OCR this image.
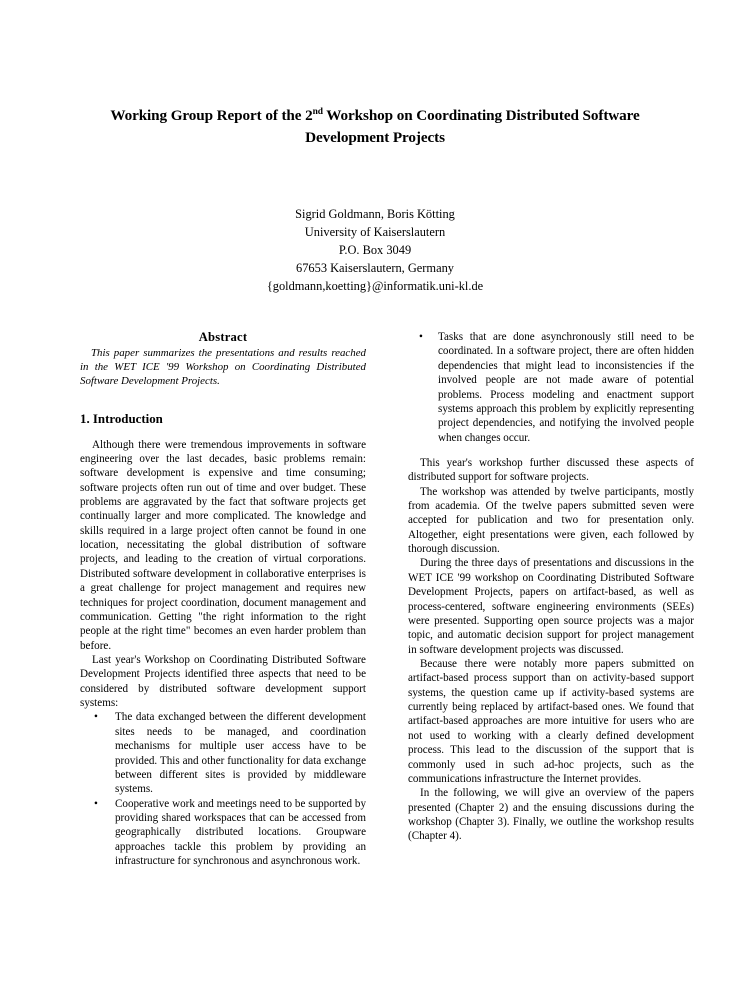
Working Group Report of the 2nd Workshop on Coordinating Distributed Software Development Projects
Sigrid Goldmann, Boris Kötting
University of Kaiserslautern
P.O. Box 3049
67653 Kaiserslautern, Germany
{goldmann,koetting}@informatik.uni-kl.de
Abstract

This paper summarizes the presentations and results reached in the WET ICE '99 Workshop on Coordinating Distributed Software Development Projects.

1. Introduction

Although there were tremendous improvements in software engineering over the last decades, basic problems remain: software development is expensive and time consuming; software projects often run out of time and over budget. These problems are aggravated by the fact that software projects get continually larger and more complicated. The knowledge and skills required in a large project often cannot be found in one location, necessitating the global distribution of software projects, and leading to the creation of virtual corporations. Distributed software development in collaborative enterprises is a great challenge for project management and requires new techniques for project coordination, document management and communication. Getting "the right information to the right people at the right time" becomes an even harder problem than before.

Last year's Workshop on Coordinating Distributed Software Development Projects identified three aspects that need to be considered by distributed software development support systems:

• The data exchanged between the different development sites needs to be managed, and coordination mechanisms for multiple user access have to be provided. This and other functionality for data exchange between different sites is provided by middleware systems.
• Cooperative work and meetings need to be supported by providing shared workspaces that can be accessed from geographically distributed locations. Groupware approaches tackle this problem by providing an infrastructure for synchronous and asynchronous work.
• Tasks that are done asynchronously still need to be coordinated. In a software project, there are often hidden dependencies that might lead to inconsistencies if the involved people are not made aware of potential problems. Process modeling and enactment support systems approach this problem by explicitly representing project dependencies, and notifying the involved people when changes occur.

This year's workshop further discussed these aspects of distributed support for software projects.

The workshop was attended by twelve participants, mostly from academia. Of the twelve papers submitted seven were accepted for publication and two for presentation only. Altogether, eight presentations were given, each followed by thorough discussion.

During the three days of presentations and discussions in the WET ICE '99 workshop on Coordinating Distributed Software Development Projects, papers on artifact-based, as well as process-centered, software engineering environments (SEEs) were presented. Supporting open source projects was a major topic, and automatic decision support for project management in software development projects was discussed.

Because there were notably more papers submitted on artifact-based process support than on activity-based support systems, the question came up if activity-based systems are currently being replaced by artifact-based ones. We found that artifact-based approaches are more intuitive for users who are not used to working with a clearly defined development process. This lead to the discussion of the support that is commonly used in such ad-hoc projects, such as the communications infrastructure the Internet provides.

In the following, we will give an overview of the papers presented (Chapter 2) and the ensuing discussions during the workshop (Chapter 3). Finally, we outline the workshop results (Chapter 4).
